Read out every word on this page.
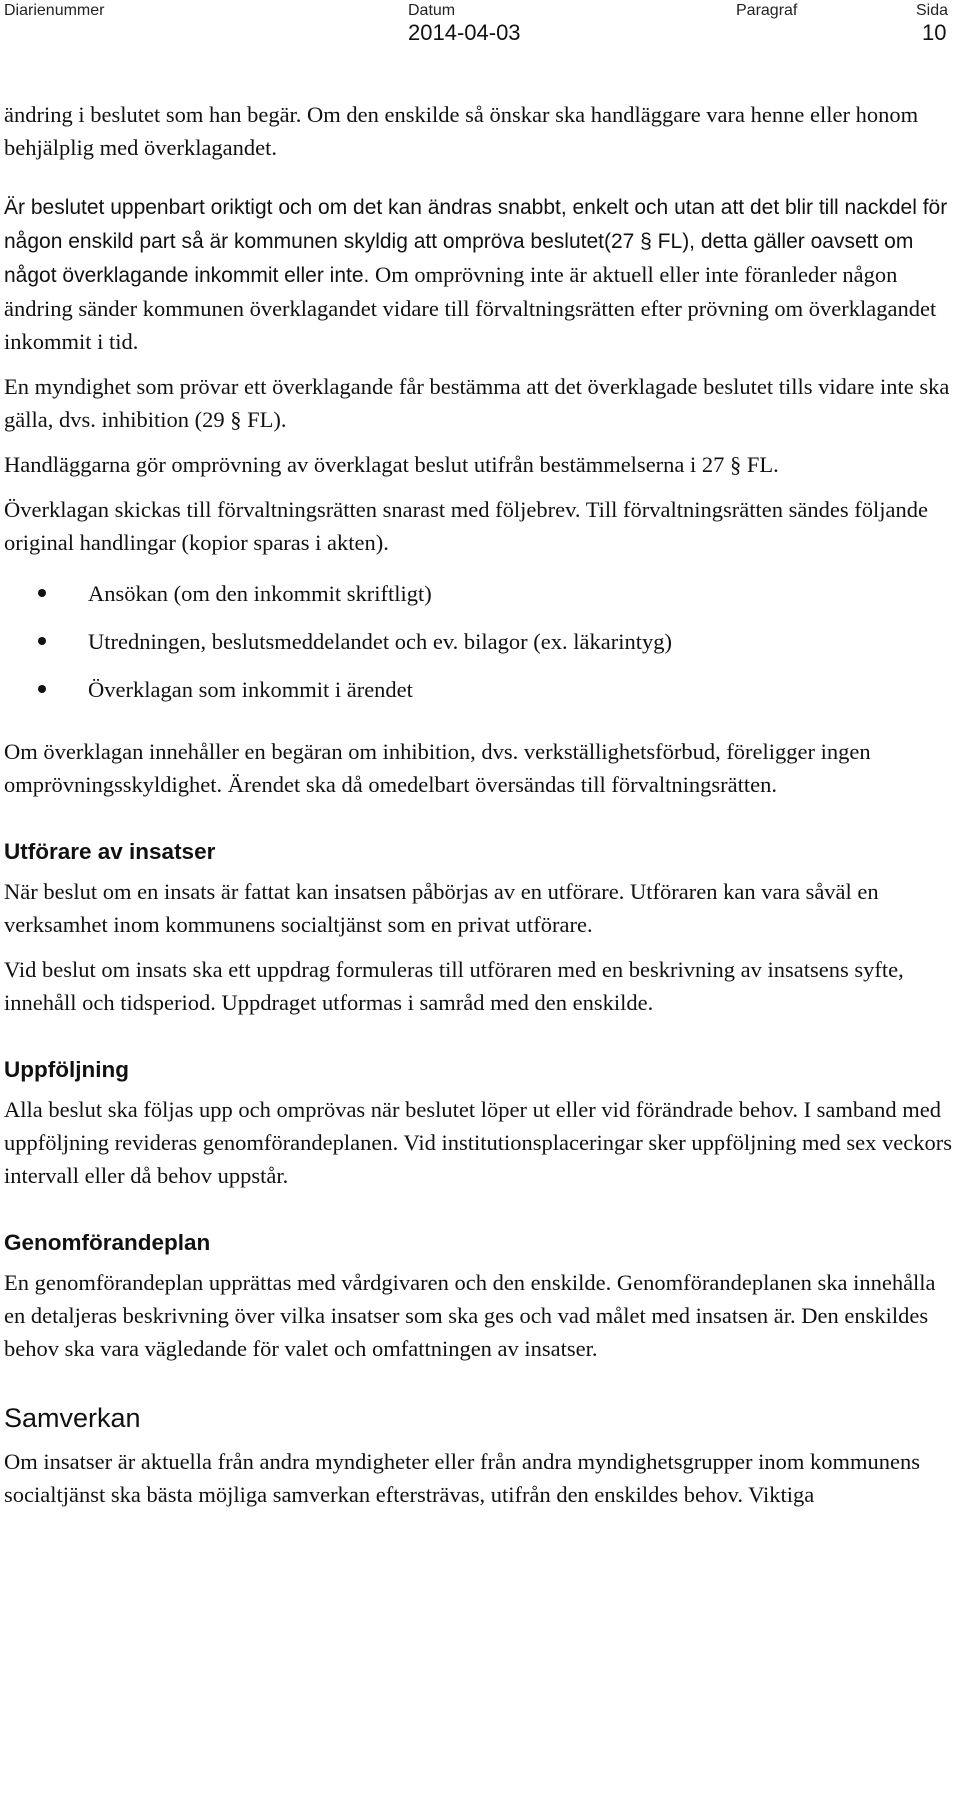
Diarienummer	Datum
2014-04-03
Paragraf	Sida
10

ändring i beslutet som han begär. Om den enskilde så önskar ska handläggare vara henne eller honom behjälplig med överklagandet.

Är beslutet uppenbart oriktigt och om det kan ändras snabbt, enkelt och utan att det blir till nackdel för någon enskild part så är kommunen skyldig att ompröva beslutet(27 § FL), detta gäller oavsett om något överklagande inkommit eller inte. Om omprövning inte är aktuell eller inte föranleder någon ändring sänder kommunen överklagandet vidare till förvaltningsrätten efter prövning om överklagandet inkommit i tid.

En myndighet som prövar ett överklagande får bestämma att det överklagade beslutet tills vidare inte ska gälla, dvs. inhibition (29 § FL).

Handläggarna gör omprövning av överklagat beslut utifrån bestämmelserna i 27 § FL.

Överklagan skickas till förvaltningsrätten snarast med följebrev. Till förvaltningsrätten sändes följande original handlingar (kopior sparas i akten).

Ansökan (om den inkommit skriftligt)
Utredningen, beslutsmeddelandet och ev. bilagor (ex. läkarintyg)
Överklagan som inkommit i ärendet

Om överklagan innehåller en begäran om inhibition, dvs. verkställighetsförbud, föreligger ingen omprövningsskyldighet. Ärendet ska då omedelbart översändas till förvaltningsrätten.

Utförare av insatser

När beslut om en insats är fattat kan insatsen påbörjas av en utförare. Utföraren kan vara såväl en verksamhet inom kommunens socialtjänst som en privat utförare.

Vid beslut om insats ska ett uppdrag formuleras till utföraren med en beskrivning av insatsens syfte, innehåll och tidsperiod. Uppdraget utformas i samråd med den enskilde.

Uppföljning

Alla beslut ska följas upp och omprövas när beslutet löper ut eller vid förändrade behov. I samband med uppföljning revideras genomförandeplanen. Vid institutionsplaceringar sker uppföljning med sex veckors intervall eller då behov uppstår.

Genomförandeplan

En genomförandeplan upprättas med vårdgivaren och den enskilde. Genomförandeplanen ska innehålla en detaljeras beskrivning över vilka insatser som ska ges och vad målet med insatsen är. Den enskildes behov ska vara vägledande för valet och omfattningen av insatser.

Samverkan

Om insatser är aktuella från andra myndigheter eller från andra myndighetsgrupper inom kommunens socialtjänst ska bästa möjliga samverkan eftersträvas, utifrån den enskildes behov. Viktiga
